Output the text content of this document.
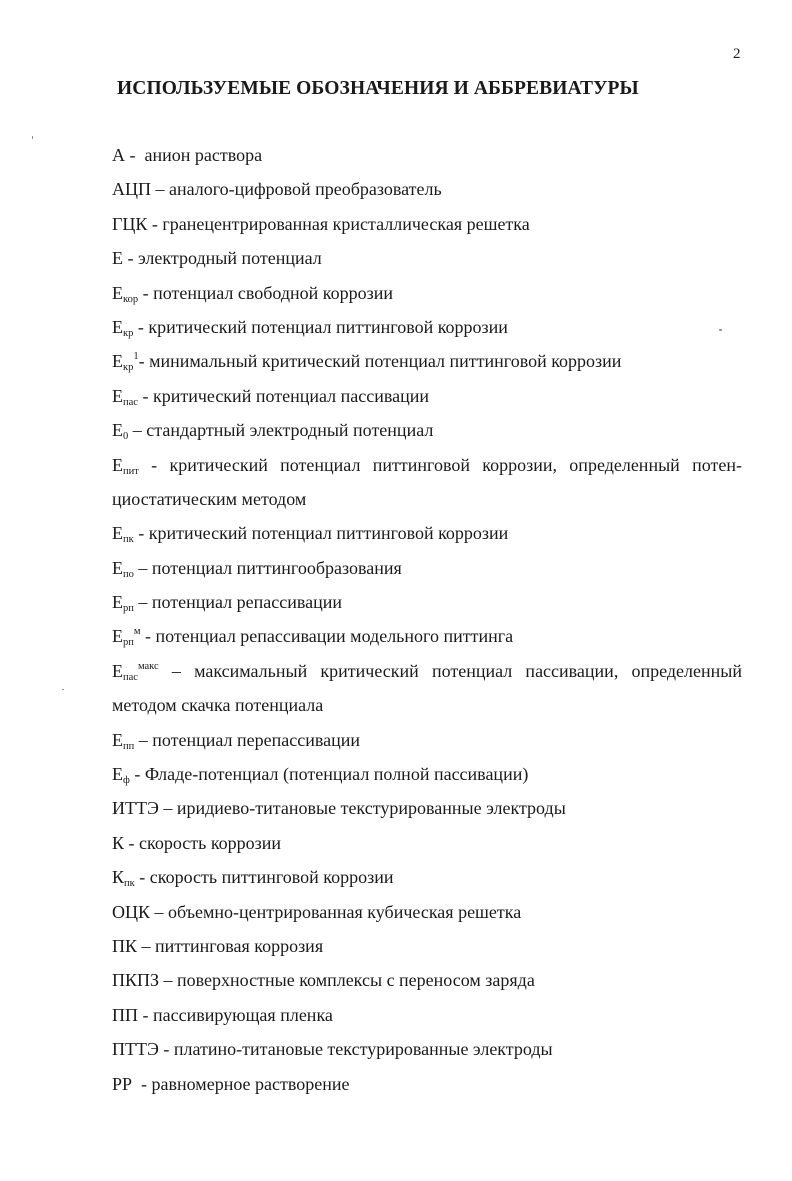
2
ИСПОЛЬЗУЕМЫЕ ОБОЗНАЧЕНИЯ И АББРЕВИАТУРЫ
А -  анион раствора
АЦП – аналого-цифровой преобразователь
ГЦК - гранецентрированная кристаллическая решетка
Е - электродный потенциал
$Е_{кор}$ - потенциал свободной коррозии
$Е_{кр}$ - критический потенциал питтинговой коррозии
$Е_{кр}^1-$ минимальный критический потенциал питтинговой коррозии
$Е_{пас}$ - критический потенциал пассивации
$Е_0$ – стандартный электродный потенциал
$Е_{пит}$ - критический потенциал питтинговой коррозии, определенный потен-
циостатическим методом
$Е_{пк}$ - критический потенциал питтинговой коррозии
$Е_{по}$ – потенциал питтингообразования
$Е_{рп}$ – потенциал репассивации
$Е_{рп}^м$ - потенциал репассивации модельного питтинга
$Е_{пас}^{макс}$ – максимальный критический потенциал пассивации, определенный
методом скачка потенциала
$Е_{пп}$ – потенциал перепассивации
$Е_ф$ - Фладе-потенциал (потенциал полной пассивации)
ИТТЭ – иридиево-титановые текстурированные электроды
К - скорость коррозии
$К_{пк}$ - скорость питтинговой коррозии
ОЦК – объемно-центрированная кубическая решетка
ПК – питтинговая коррозия
ПКПЗ – поверхностные комплексы с переносом заряда
ПП - пассивирующая пленка
ПТТЭ - платино-титановые текстурированные электроды
РР  - равномерное растворение
